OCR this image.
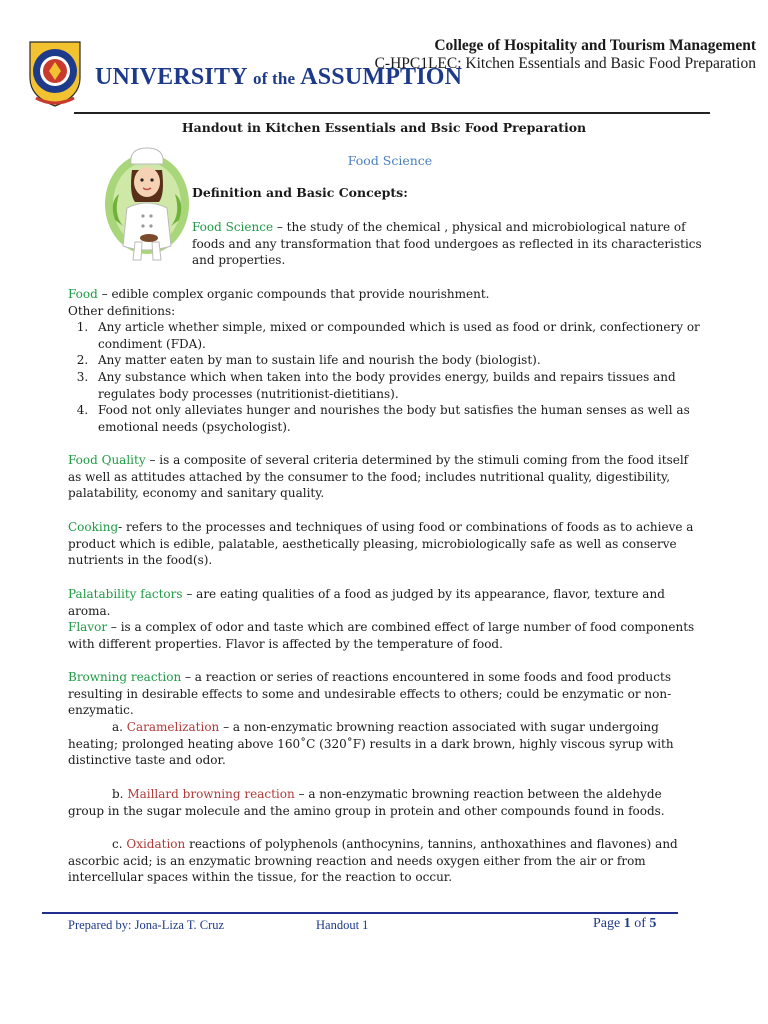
UNIVERSITY of the ASSUMPTION
College of Hospitality and Tourism Management
C-HPC1LEC: Kitchen Essentials and Basic Food Preparation
Handout in Kitchen Essentials and Bsic Food Preparation
Food Science
Definition and Basic Concepts:

Food Science – the study of the chemical , physical and microbiological nature of foods and any transformation that food undergoes as reflected in its characteristics and properties.

Food – edible complex organic compounds that provide nourishment.

Other definitions:

1. Any article whether simple, mixed or compounded which is used as food or drink, confectionery or condiment (FDA).
2. Any matter eaten by man to sustain life and nourish the body (biologist).
3. Any substance which when taken into the body provides energy, builds and repairs tissues and regulates body processes (nutritionist-dietitians).
4. Food not only alleviates hunger and nourishes the body but satisfies the human senses as well as emotional needs (psychologist).

Food Quality – is a composite of several criteria determined by the stimuli coming from the food itself as well as attitudes attached by the consumer to the food; includes nutritional quality, digestibility, palatability, economy and sanitary quality.

Cooking- refers to the processes and techniques of using food or combinations of foods as to achieve a product which is edible, palatable, aesthetically pleasing, microbiologically safe as well as conserve nutrients in the food(s).

Palatability factors – are eating qualities of a food as judged by its appearance, flavor, texture and aroma.

Flavor – is a complex of odor and taste which are combined effect of large number of food components with different properties. Flavor is affected by the temperature of food.

Browning reaction – a reaction or series of reactions encountered in some foods and food products resulting in desirable effects to some and undesirable effects to others; could be enzymatic or non-enzymatic.

a. Caramelization – a non-enzymatic browning reaction associated with sugar undergoing heating; prolonged heating above 160˚C (320˚F) results in a dark brown, highly viscous syrup with distinctive taste and odor.

b. Maillard browning reaction – a non-enzymatic browning reaction between the aldehyde group in the sugar molecule and the amino group in protein and other compounds found in foods.

c. Oxidation reactions of polyphenols (anthocynins, tannins, anthoxathines and flavones) and ascorbic acid; is an enzymatic browning reaction and needs oxygen either from the air or from intercellular spaces within the tissue, for the reaction to occur.

Prepared by: Jona-Liza T. Cruz	Handout 1	Page 1 of 5
